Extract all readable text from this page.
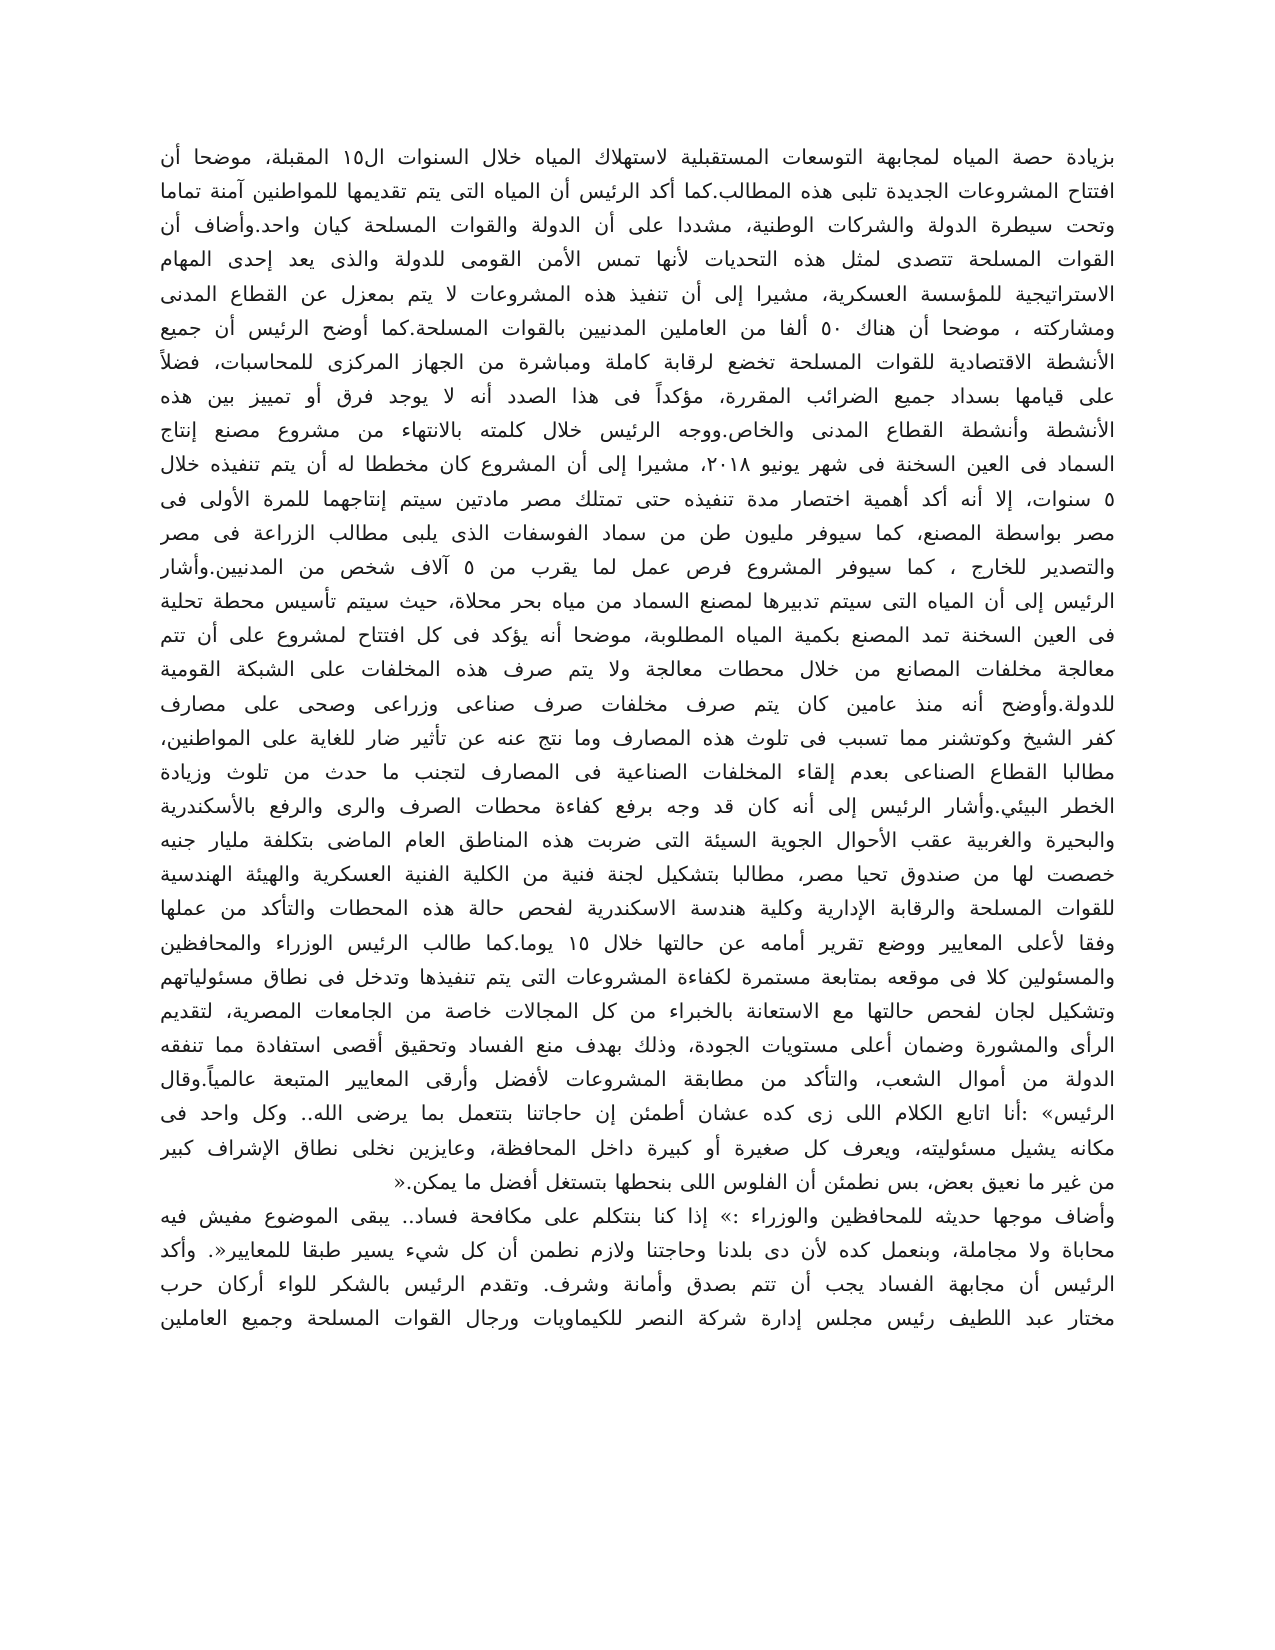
بزيادة حصة المياه لمجابهة التوسعات المستقبلية لاستهلاك المياه خلال السنوات ال١٥ المقبلة، موضحا أن
افتتاح المشروعات الجديدة تلبى هذه المطالب.كما أكد الرئيس أن المياه التى يتم تقديمها للمواطنين آمنة تماما
وتحت سيطرة الدولة والشركات الوطنية، مشددا على أن الدولة والقوات المسلحة كيان واحد.وأضاف أن
القوات المسلحة تتصدى لمثل هذه التحديات لأنها تمس الأمن القومى للدولة والذى يعد إحدى المهام
الاستراتيجية للمؤسسة العسكرية، مشيرا إلى أن تنفيذ هذه المشروعات لا يتم بمعزل عن القطاع المدنى
ومشاركته ، موضحا أن هناك ٥٠ ألفا من العاملين المدنيين بالقوات المسلحة.كما أوضح الرئيس أن جميع
الأنشطة الاقتصادية للقوات المسلحة تخضع لرقابة كاملة ومباشرة من الجهاز المركزى للمحاسبات، فضلاً
على قيامها بسداد جميع الضرائب المقررة، مؤكداً فى هذا الصدد أنه لا يوجد فرق أو تمييز بين هذه
الأنشطة وأنشطة القطاع المدنى والخاص.ووجه الرئيس خلال كلمته بالانتهاء من مشروع مصنع إنتاج
السماد فى العين السخنة فى شهر يونيو ٢٠١٨، مشيرا إلى أن المشروع كان مخططا له أن يتم تنفيذه خلال
٥ سنوات، إلا أنه أكد أهمية اختصار مدة تنفيذه حتى تمتلك مصر مادتين سيتم إنتاجهما للمرة الأولى فى
مصر بواسطة المصنع، كما سيوفر مليون طن من سماد الفوسفات الذى يلبى مطالب الزراعة فى مصر
والتصدير للخارج ، كما سيوفر المشروع فرص عمل لما يقرب من ٥ آلاف شخص من المدنيين.وأشار
الرئيس إلى أن المياه التى سيتم تدبيرها لمصنع السماد من مياه بحر محلاة، حيث سيتم تأسيس محطة تحلية
فى العين السخنة تمد المصنع بكمية المياه المطلوبة، موضحا أنه يؤكد فى كل افتتاح لمشروع على أن تتم
معالجة مخلفات المصانع من خلال محطات معالجة ولا يتم صرف هذه المخلفات على الشبكة القومية
للدولة.وأوضح أنه منذ عامين كان يتم صرف مخلفات صرف صناعى وزراعى وصحى على مصارف
كفر الشيخ وكوتشنر مما تسبب فى تلوث هذه المصارف وما نتج عنه عن تأثير ضار للغاية على المواطنين،
مطالبا القطاع الصناعى بعدم إلقاء المخلفات الصناعية فى المصارف لتجنب ما حدث من تلوث وزيادة
الخطر البيئي.وأشار الرئيس إلى أنه كان قد وجه برفع كفاءة محطات الصرف والرى والرفع بالأسكندرية
والبحيرة والغربية عقب الأحوال الجوية السيئة التى ضربت هذه المناطق العام الماضى بتكلفة مليار جنيه
خصصت لها من صندوق تحيا مصر، مطالبا بتشكيل لجنة فنية من الكلية الفنية العسكرية والهيئة الهندسية
للقوات المسلحة والرقابة الإدارية وكلية هندسة الاسكندرية لفحص حالة هذه المحطات والتأكد من عملها
وفقا لأعلى المعايير ووضع تقرير أمامه عن حالتها خلال ١٥ يوما.كما طالب الرئيس الوزراء والمحافظين
والمسئولين كلا فى موقعه بمتابعة مستمرة لكفاءة المشروعات التى يتم تنفيذها وتدخل فى نطاق مسئولياتهم
وتشكيل لجان لفحص حالتها مع الاستعانة بالخبراء من كل المجالات خاصة من الجامعات المصرية، لتقديم
الرأى والمشورة وضمان أعلى مستويات الجودة، وذلك بهدف منع الفساد وتحقيق أقصى استفادة مما تنفقه
الدولة من أموال الشعب، والتأكد من مطابقة المشروعات لأفضل وأرقى المعايير المتبعة عالمياً.وقال
الرئيس» :أنا اتابع الكلام اللى زى كده عشان أطمئن إن حاجاتنا بتتعمل بما يرضى الله.. وكل واحد فى
مكانه يشيل مسئوليته، ويعرف كل صغيرة أو كبيرة داخل المحافظة، وعايزين نخلى نطاق الإشراف كبير
من غير ما نعيق بعض، بس نطمئن أن الفلوس اللى بنحطها بتستغل أفضل ما يمكن.«
وأضاف موجها حديثه للمحافظين والوزراء :» إذا كنا بنتكلم على مكافحة فساد.. يبقى الموضوع مفيش فيه
محاباة ولا مجاملة، وبنعمل كده لأن دى بلدنا وحاجتنا ولازم نطمن أن كل شيء يسير طبقا للمعايير«. وأكد
الرئيس أن مجابهة الفساد يجب أن تتم بصدق وأمانة وشرف. وتقدم الرئيس بالشكر للواء أركان حرب
مختار عبد اللطيف رئيس مجلس إدارة شركة النصر للكيماويات ورجال القوات المسلحة وجميع العاملين
